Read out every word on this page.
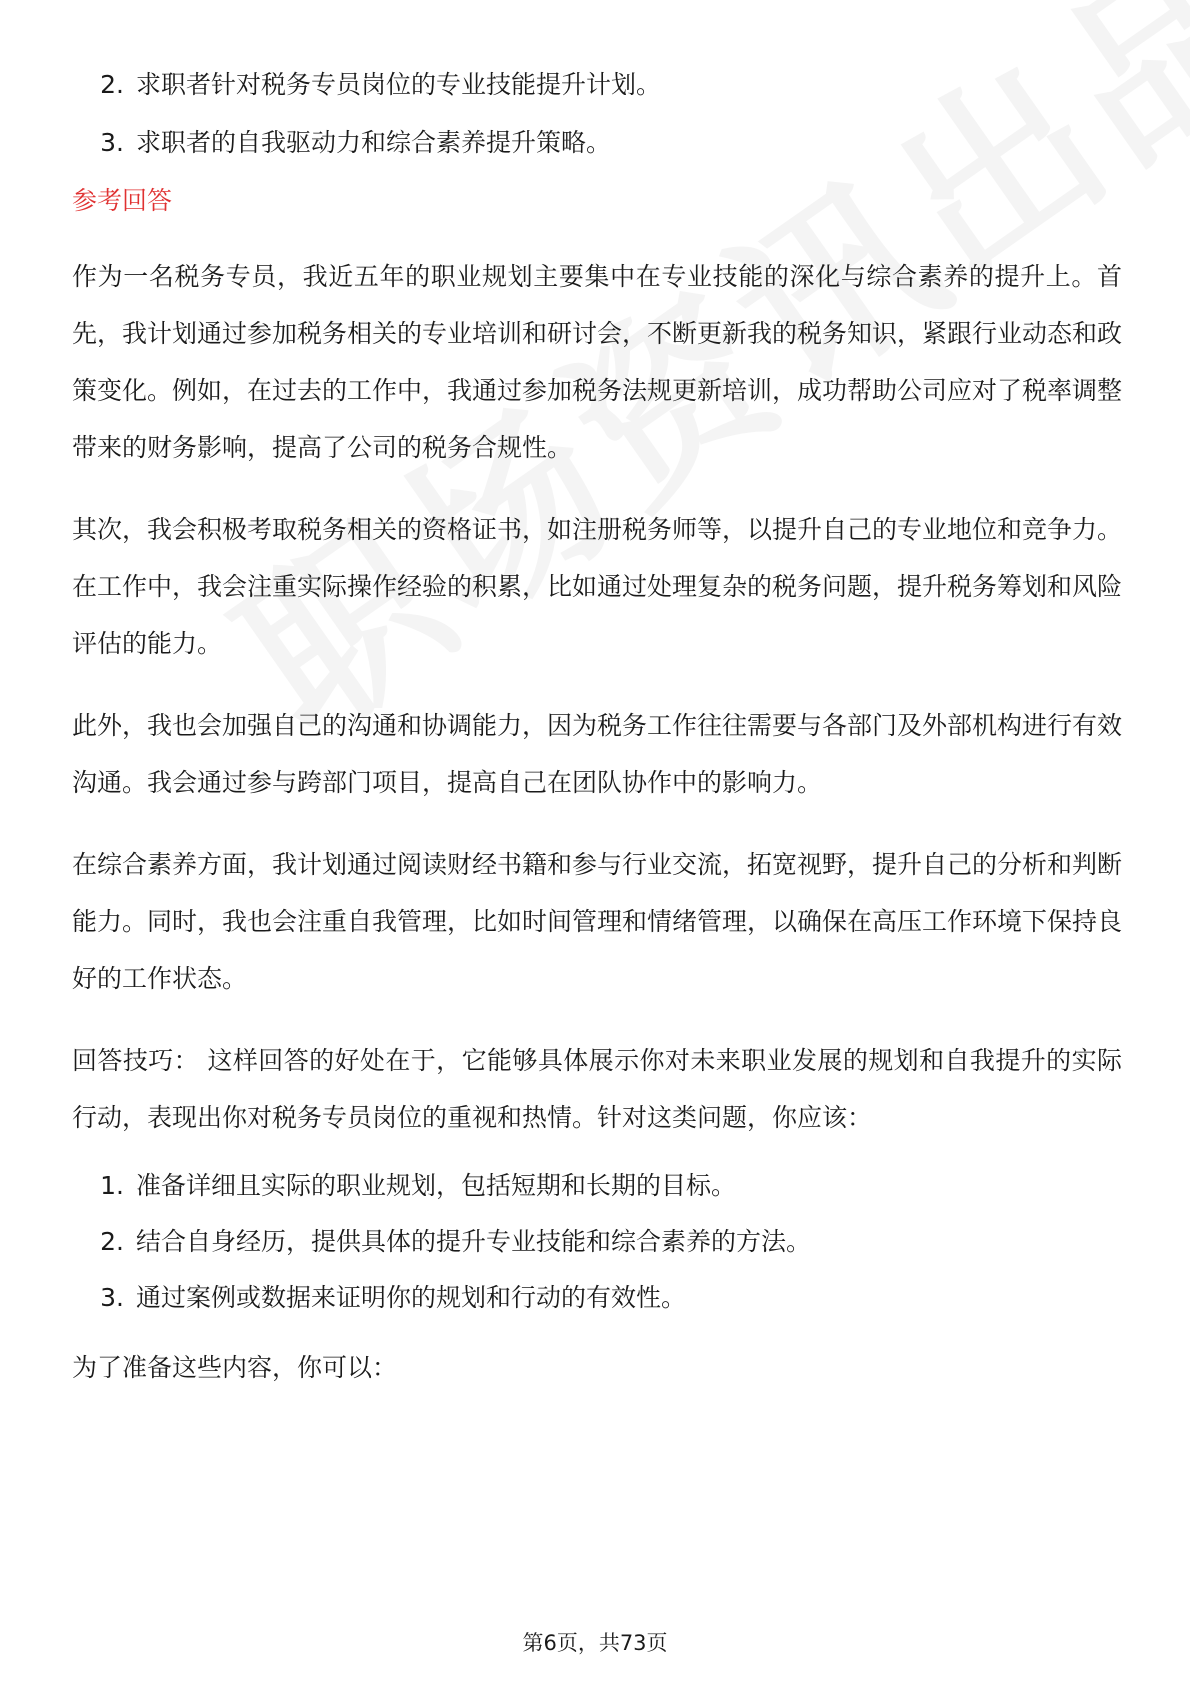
2. 求职者针对税务专员岗位的专业技能提升计划。
3. 求职者的自我驱动力和综合素养提升策略。
参考回答

作为一名税务专员，我近五年的职业规划主要集中在专业技能的深化与综合素养的提升上。首先，我计划通过参加税务相关的专业培训和研讨会，不断更新我的税务知识，紧跟行业动态和政策变化。例如，在过去的工作中，我通过参加税务法规更新培训，成功帮助公司应对了税率调整带来的财务影响，提高了公司的税务合规性。

其次，我会积极考取税务相关的资格证书，如注册税务师等，以提升自己的专业地位和竞争力。在工作中，我会注重实际操作经验的积累，比如通过处理复杂的税务问题，提升税务筹划和风险评估的能力。

此外，我也会加强自己的沟通和协调能力，因为税务工作往往需要与各部门及外部机构进行有效沟通。我会通过参与跨部门项目，提高自己在团队协作中的影响力。

在综合素养方面，我计划通过阅读财经书籍和参与行业交流，拓宽视野，提升自己的分析和判断能力。同时，我也会注重自我管理，比如时间管理和情绪管理，以确保在高压工作环境下保持良好的工作状态。

回答技巧： 这样回答的好处在于，它能够具体展示你对未来职业发展的规划和自我提升的实际行动，表现出你对税务专员岗位的重视和热情。针对这类问题，你应该：

1. 准备详细且实际的职业规划，包括短期和长期的目标。
2. 结合自身经历，提供具体的提升专业技能和综合素养的方法。
3. 通过案例或数据来证明你的规划和行动的有效性。

为了准备这些内容，你可以：

第6页，共73页
